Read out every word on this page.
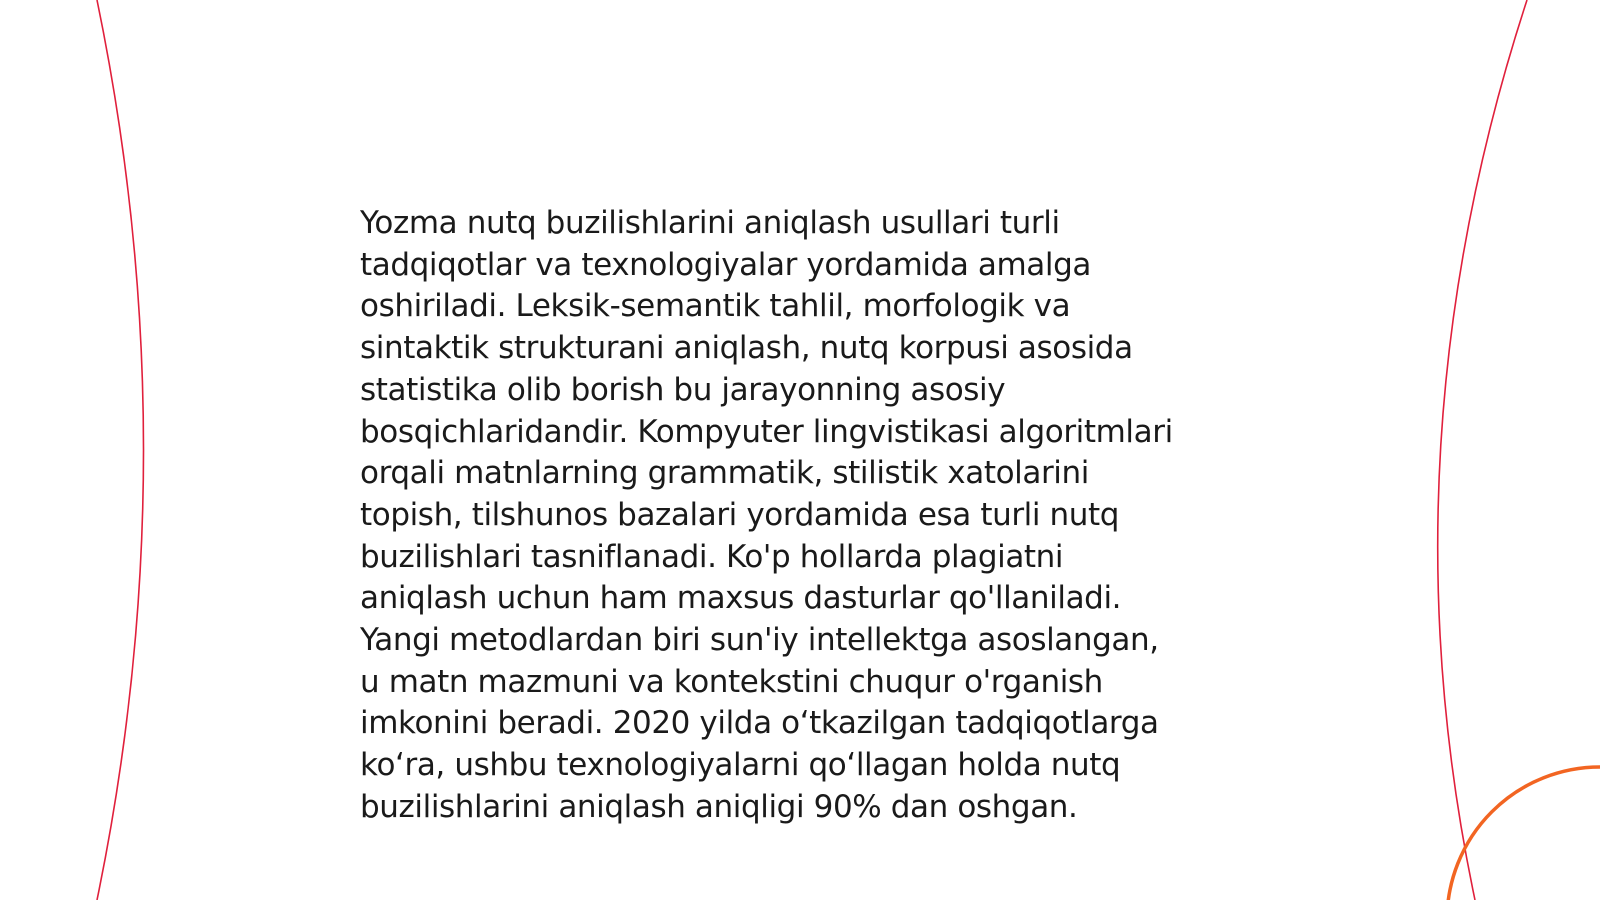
Yozma nutq buzilishlarini aniqlash usullari turli
tadqiqotlar va texnologiyalar yordamida amalga
oshiriladi. Leksik-semantik tahlil, morfologik va
sintaktik strukturani aniqlash, nutq korpusi asosida
statistika olib borish bu jarayonning asosiy
bosqichlaridandir. Kompyuter lingvistikasi algoritmlari
orqali matnlarning grammatik, stilistik xatolarini
topish, tilshunos bazalari yordamida esa turli nutq
buzilishlari tasniflanadi. Ko'p hollarda plagiatni
aniqlash uchun ham maxsus dasturlar qo'llaniladi.
Yangi metodlardan biri sun'iy intellektga asoslangan,
u matn mazmuni va kontekstini chuqur o'rganish
imkonini beradi. 2020 yilda o‘tkazilgan tadqiqotlarga
ko‘ra, ushbu texnologiyalarni qo‘llagan holda nutq
buzilishlarini aniqlash aniqligi 90% dan oshgan.
